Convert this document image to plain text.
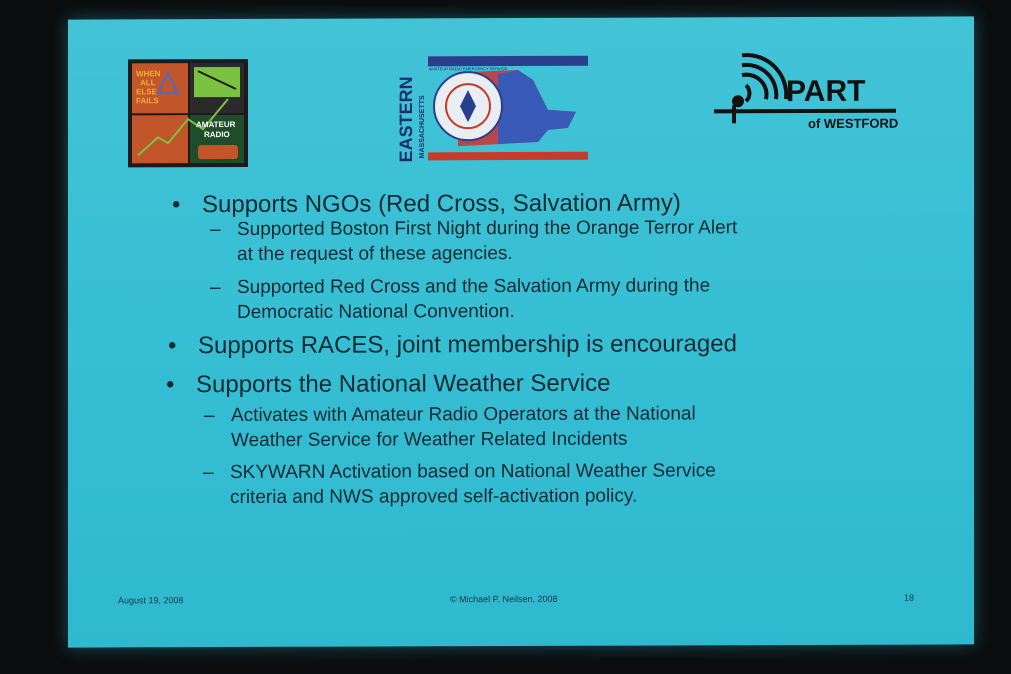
WHEN
ALL
ELSE
FAILS
AMATEUR
RADIO	EASTERN MASSACHUSETTS
AMATEUR RADIO EMERGENCY SERVICE
PART
of WESTFORD
• Supports NGOs (Red Cross, Salvation Army)
– Supported Boston First Night during the Orange Terror Alert
at the request of these agencies.
– Supported Red Cross and the Salvation Army during the
Democratic National Convention.
• Supports RACES, joint membership is encouraged
• Supports the National Weather Service
– Activates with Amateur Radio Operators at the National
Weather Service for Weather Related Incidents
– SKYWARN Activation based on National Weather Service
criteria and NWS approved self-activation policy.
August 19, 2008	© Michael P. Neilsen, 2008	18
